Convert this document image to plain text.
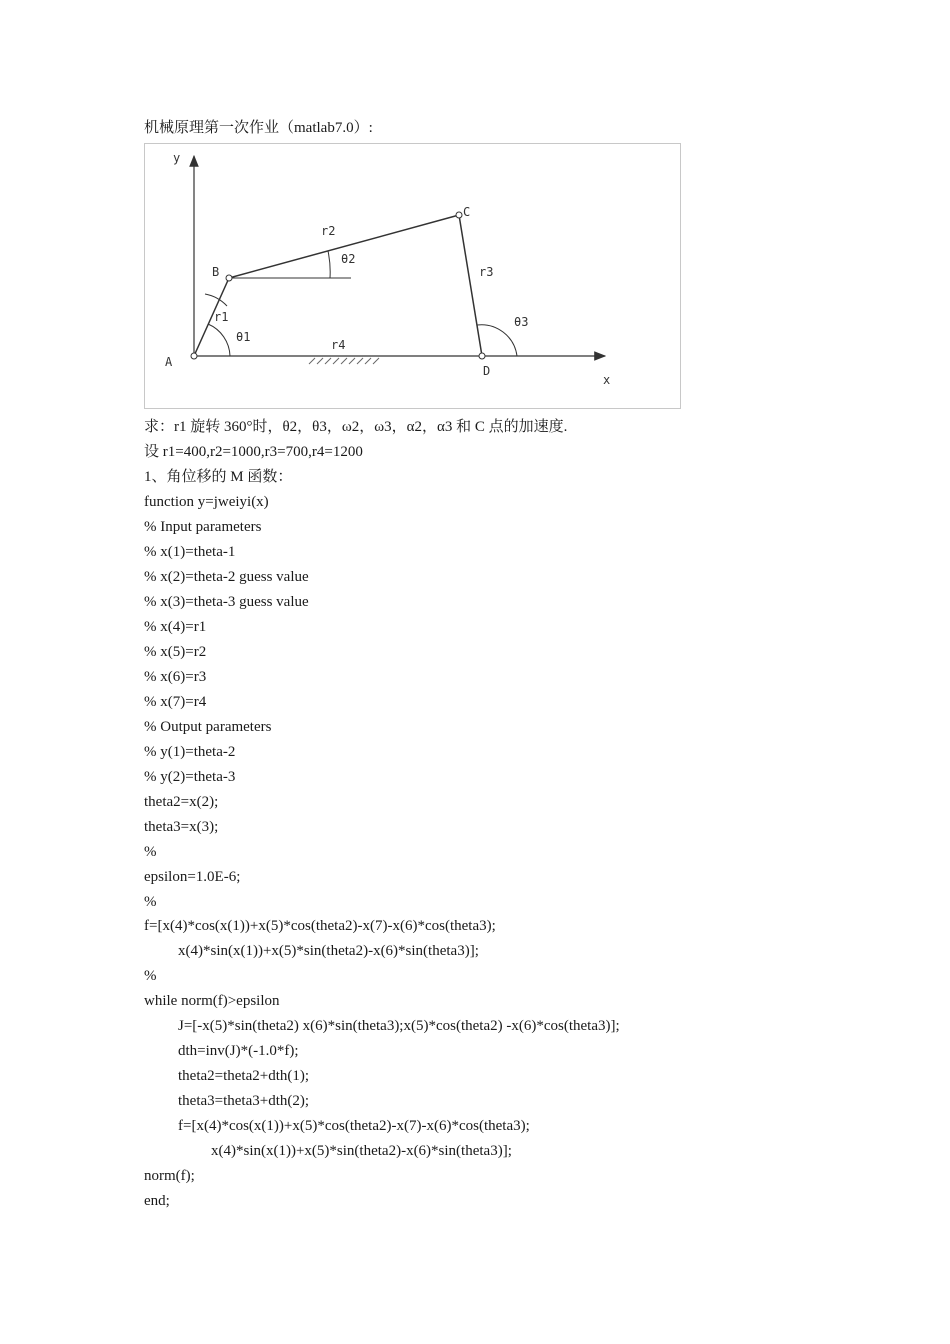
机械原理第一次作业（matlab7.0）:
y
x
A
B
C
D
r1
r2
r3
r4
θ1
θ2
θ3
求：r1 旋转 360°时，θ2，θ3，ω2，ω3，α2，α3 和 C 点的加速度.
设 r1=400,r2=1000,r3=700,r4=1200
1、角位移的 M 函数：
function y=jweiyi(x)
% Input parameters
% x(1)=theta-1
% x(2)=theta-2 guess value
% x(3)=theta-3 guess value
% x(4)=r1
% x(5)=r2
% x(6)=r3
% x(7)=r4
% Output parameters
% y(1)=theta-2
% y(2)=theta-3
theta2=x(2);
theta3=x(3);
%
epsilon=1.0E-6;
%
f=[x(4)*cos(x(1))+x(5)*cos(theta2)-x(7)-x(6)*cos(theta3);
x(4)*sin(x(1))+x(5)*sin(theta2)-x(6)*sin(theta3)];
%
while norm(f)>epsilon
J=[-x(5)*sin(theta2) x(6)*sin(theta3);x(5)*cos(theta2) -x(6)*cos(theta3)];
dth=inv(J)*(-1.0*f);
theta2=theta2+dth(1);
theta3=theta3+dth(2);
f=[x(4)*cos(x(1))+x(5)*cos(theta2)-x(7)-x(6)*cos(theta3);
x(4)*sin(x(1))+x(5)*sin(theta2)-x(6)*sin(theta3)];
norm(f);
end;
